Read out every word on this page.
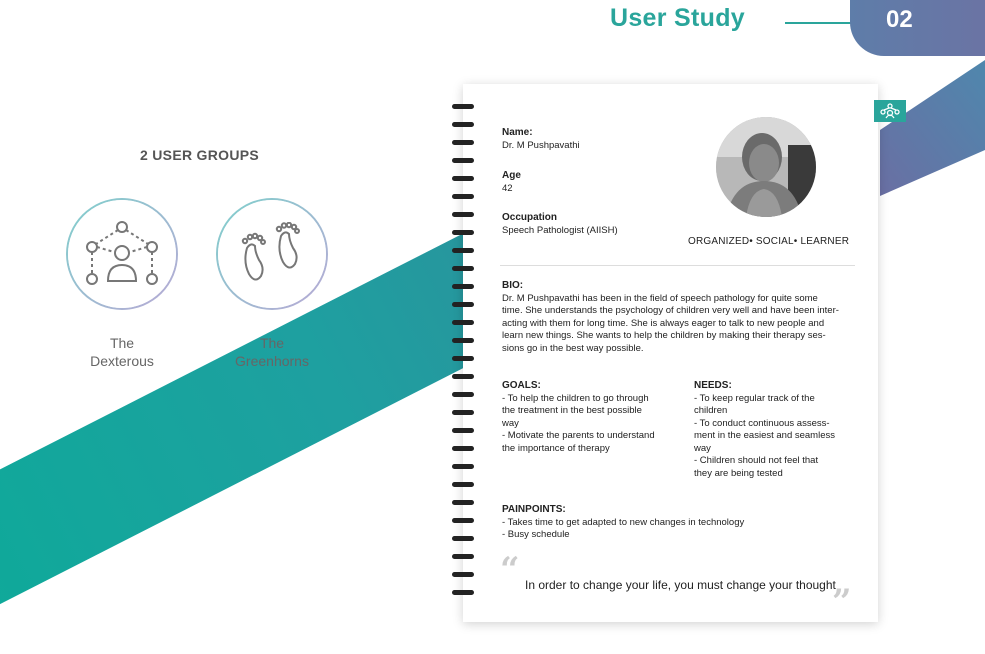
User Study	02
2 USER GROUPS
The
Dexterous
The
Greenhorns
Name:
Dr. M Pushpavathi
Age
42
Occupation
Speech Pathologist (AIISH)
ORGANIZED• SOCIAL• LEARNER
BIO:
Dr. M Pushpavathi has been in the field of speech pathology for quite some
time. She understands the psychology of children very well and have been inter-
acting with them for long time. She is always eager to talk to new people and
learn new things. She wants to help the children by making their therapy ses-
sions go in the best way possible.
GOALS:
- To help the children to go through
the treatment in the best possible
way
- Motivate the parents to understand
the importance of therapy
NEEDS:
- To keep regular track of the
children
- To conduct continuous assess-
ment in the easiest and seamless
way
- Children should not feel that
they are being tested
PAINPOINTS:
- Takes time to get adapted to new changes in technology
- Busy schedule
“ In order to change your life, you must change your thought
”
